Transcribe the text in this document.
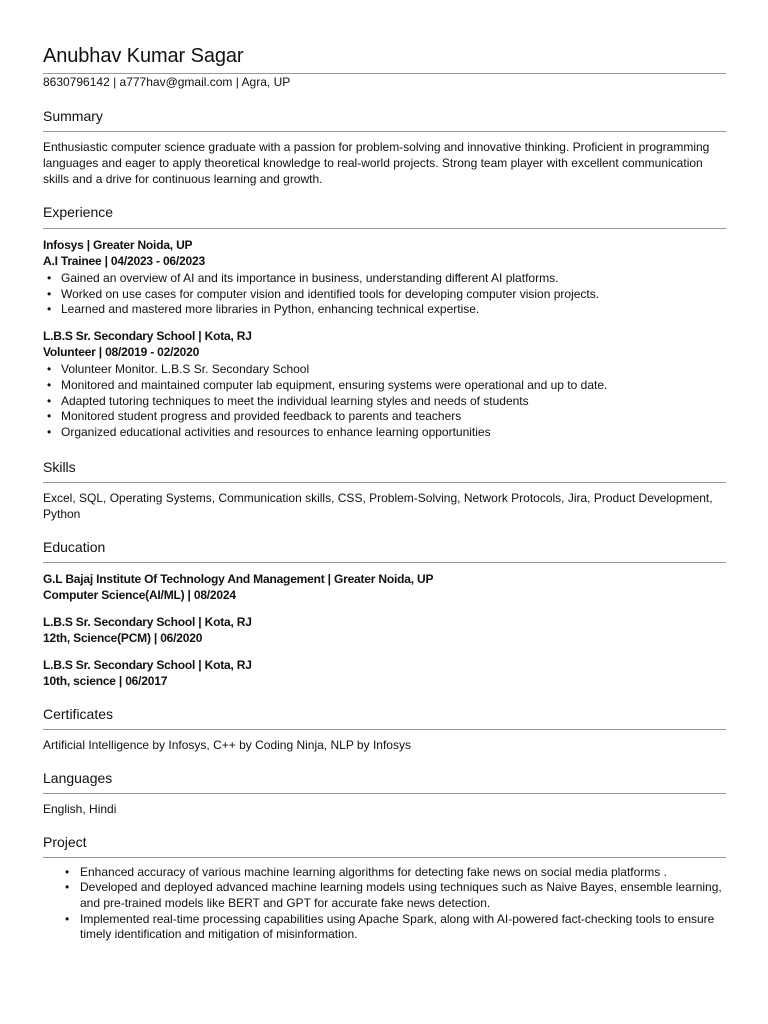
Anubhav Kumar Sagar
8630796142 | a777hav@gmail.com | Agra, UP
Summary
Enthusiastic computer science graduate with a passion for problem-solving and innovative thinking. Proficient in programming languages and eager to apply theoretical knowledge to real-world projects. Strong team player with excellent communication skills and a drive for continuous learning and growth.
Experience
Infosys | Greater Noida, UP
A.I Trainee | 04/2023 - 06/2023
• Gained an overview of AI and its importance in business, understanding different AI platforms.
• Worked on use cases for computer vision and identified tools for developing computer vision projects.
• Learned and mastered more libraries in Python, enhancing technical expertise.
L.B.S Sr. Secondary School | Kota, RJ
Volunteer | 08/2019 - 02/2020
• Volunteer Monitor. L.B.S Sr. Secondary School
• Monitored and maintained computer lab equipment, ensuring systems were operational and up to date.
• Adapted tutoring techniques to meet the individual learning styles and needs of students
• Monitored student progress and provided feedback to parents and teachers
• Organized educational activities and resources to enhance learning opportunities
Skills
Excel, SQL, Operating Systems, Communication skills, CSS, Problem-Solving, Network Protocols, Jira, Product Development, Python
Education
G.L Bajaj Institute Of Technology And Management | Greater Noida, UP
Computer Science(AI/ML) | 08/2024
L.B.S Sr. Secondary School | Kota, RJ
12th, Science(PCM) | 06/2020
L.B.S Sr. Secondary School | Kota, RJ
10th, science | 06/2017
Certificates
Artificial Intelligence by Infosys, C++ by Coding Ninja, NLP by Infosys
Languages
English, Hindi
Project
• Enhanced accuracy of various machine learning algorithms for detecting fake news on social media platforms .
• Developed and deployed advanced machine learning models using techniques such as Naive Bayes, ensemble learning, and pre-trained models like BERT and GPT for accurate fake news detection.
• Implemented real-time processing capabilities using Apache Spark, along with AI-powered fact-checking tools to ensure timely identification and mitigation of misinformation.
